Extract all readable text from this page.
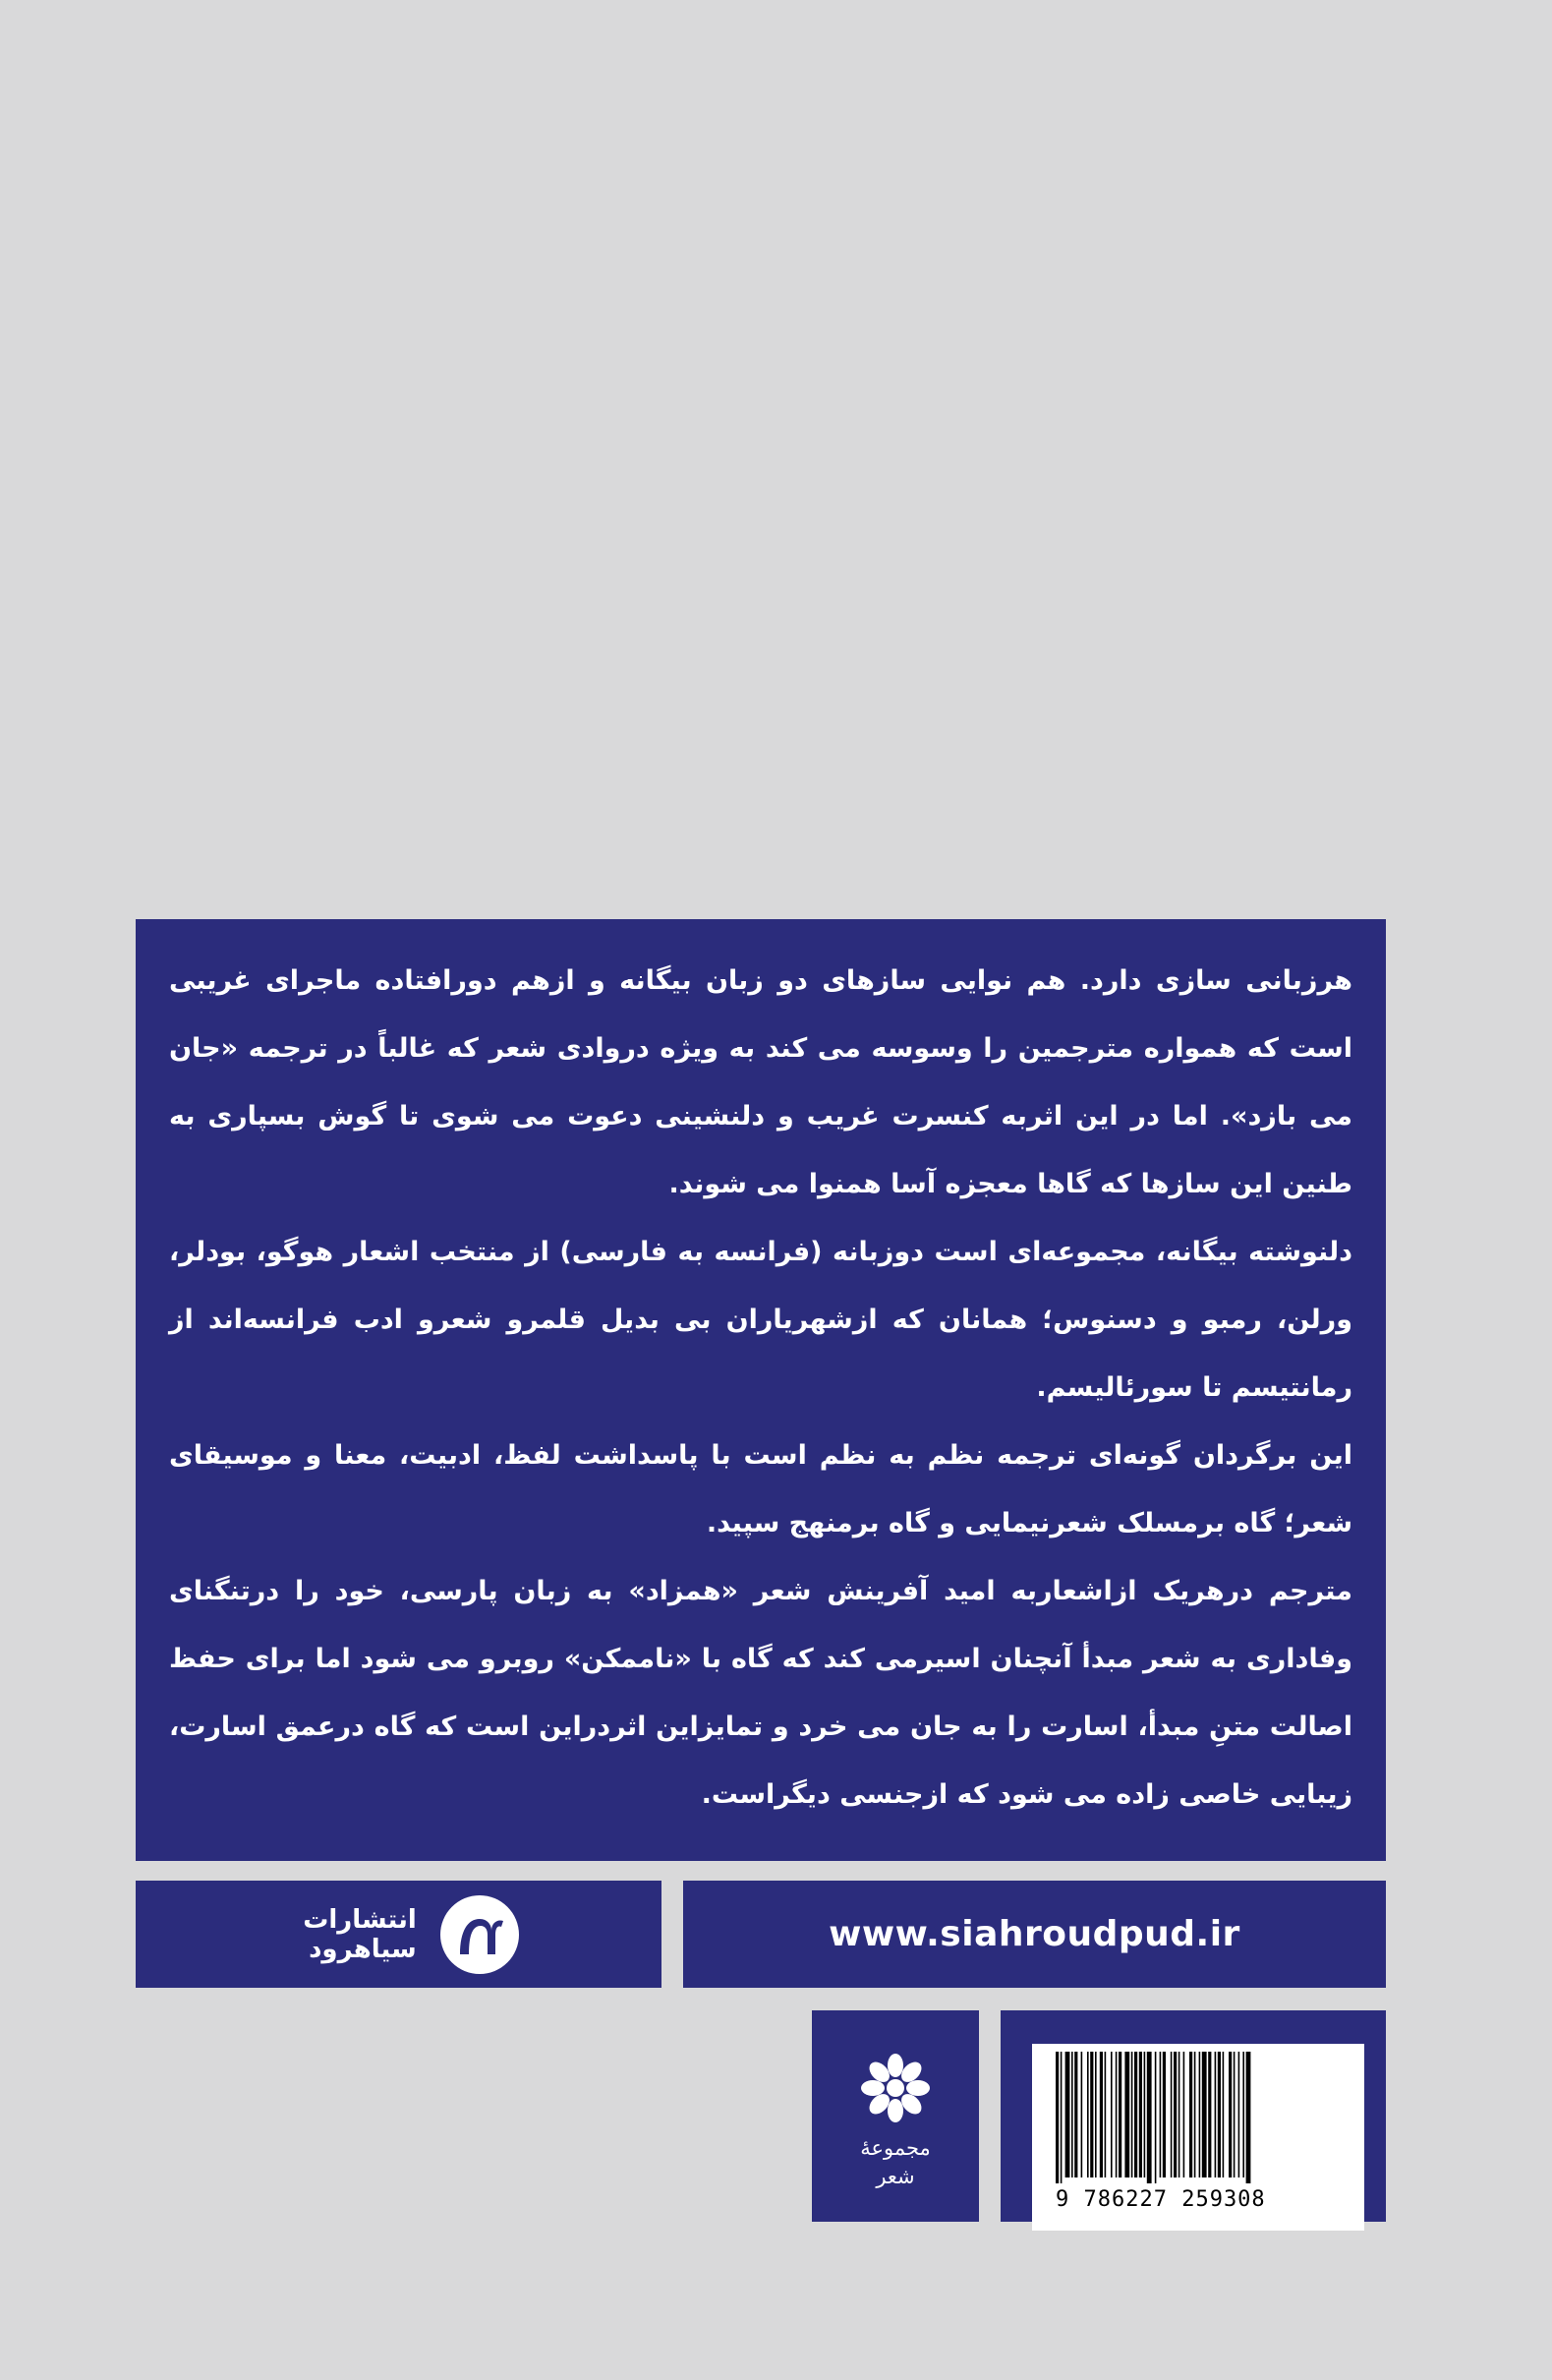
هرزبانی سازی دارد. هم نوایی سازهای دو زبان بیگانه و ازهم دورافتاده ماجرای غریبی است که همواره مترجمین را وسوسه می کند به ویژه دروادی شعر که غالباً در ترجمه «جان می بازد». اما در این اثربه کنسرت غریب و دلنشینی دعوت می شوی تا گوش بسپاری به طنین این سازها که گاها معجزه آسا همنوا می شوند.

دلنوشته بیگانه، مجموعه‌ای است دوزبانه (فرانسه به فارسی) از منتخب اشعار هوگو، بودلر، ورلن، رمبو و دسنوس؛ همانان که ازشهریاران بی بدیل قلمرو شعرو ادب فرانسه‌اند از رمانتیسم تا سورئالیسم.

این برگردان گونه‌ای ترجمه نظم به نظم است با پاسداشت لفظ، ادبیت، معنا و موسیقای شعر؛ گاه برمسلک شعرنیمایی و گاه برمنهج سپید.

مترجم درهریک ازاشعاربه امید آفرینش شعر «همزاد» به زبان پارسی، خود را درتنگنای وفاداری به شعر مبدأ آنچنان اسیرمی کند که گاه با «ناممکن» روبرو می شود اما برای حفظ اصالت متنِ مبدأ، اسارت را به جان می خرد و تمایزاین اثردراین است که گاه درعمق اسارت، زیبایی خاصی زاده می شود که ازجنسی دیگراست.

انتشارات
سیاهرود	www.siahroudpud.ir
مجموعهٔ
شعر
9 786227 259308
